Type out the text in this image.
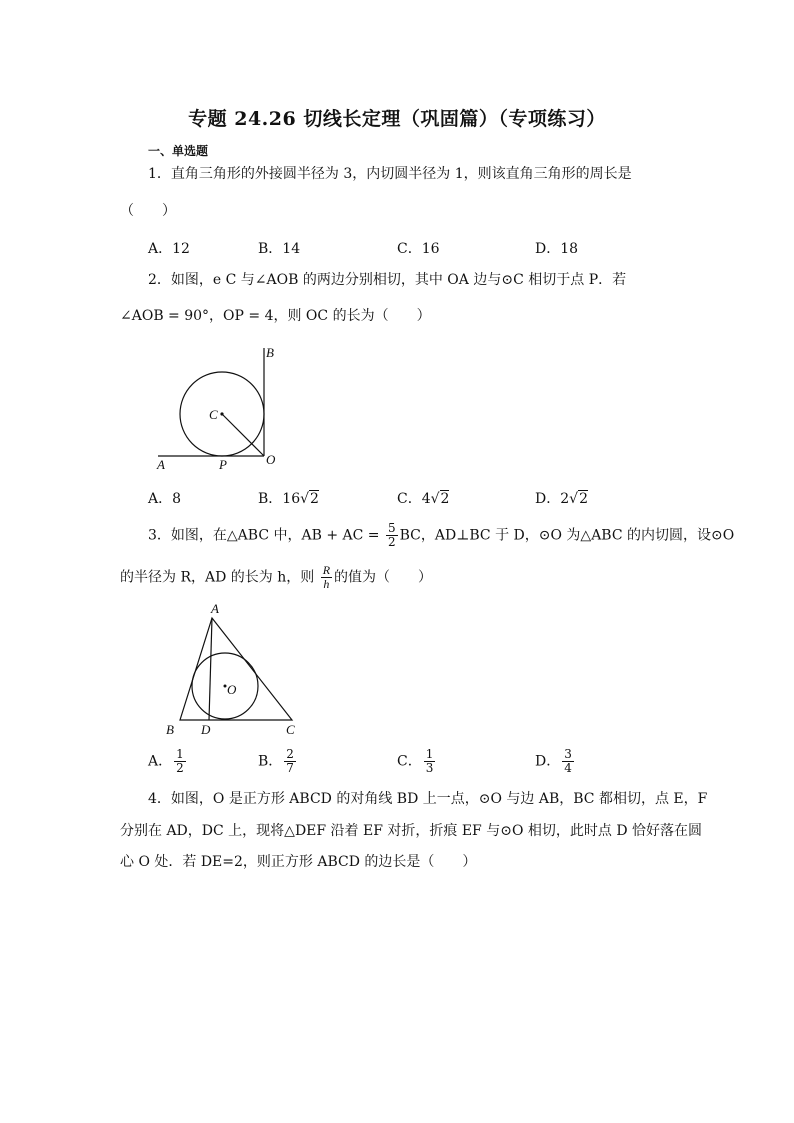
专题 24.26 切线长定理（巩固篇）（专项练习）
一、单选题
1．直角三角形的外接圆半径为 3，内切圆半径为 1，则该直角三角形的周长是
（　　）
A．12	B．14	C．16	D．18
2．如图，e C 与∠AOB 的两边分别相切，其中 OA 边与⊙C 相切于点 P．若
∠AOB = 90°，OP = 4，则 OC 的长为（　　）
B
C
A	P	O
A．8	B．16√2	C．4√2	D．2√2
3．如图，在△ABC 中，AB + AC = $\frac{5}{2}$ BC，AD⊥BC 于 D，⊙O 为△ABC 的内切圆，设⊙O
的半径为 R，AD 的长为 h，则 $\frac{R}{h}$ 的值为（　　）
A
O
B D	C
A． $\frac{1}{2}$	B． $\frac{2}{7}$	C． $\frac{1}{3}$	D． $\frac{3}{4}$
4．如图，O 是正方形 ABCD 的对角线 BD 上一点，⊙O 与边 AB，BC 都相切，点 E，F
分别在 AD，DC 上，现将△DEF 沿着 EF 对折，折痕 EF 与⊙O 相切，此时点 D 恰好落在圆
心 O 处．若 DE=2，则正方形 ABCD 的边长是（　　）
